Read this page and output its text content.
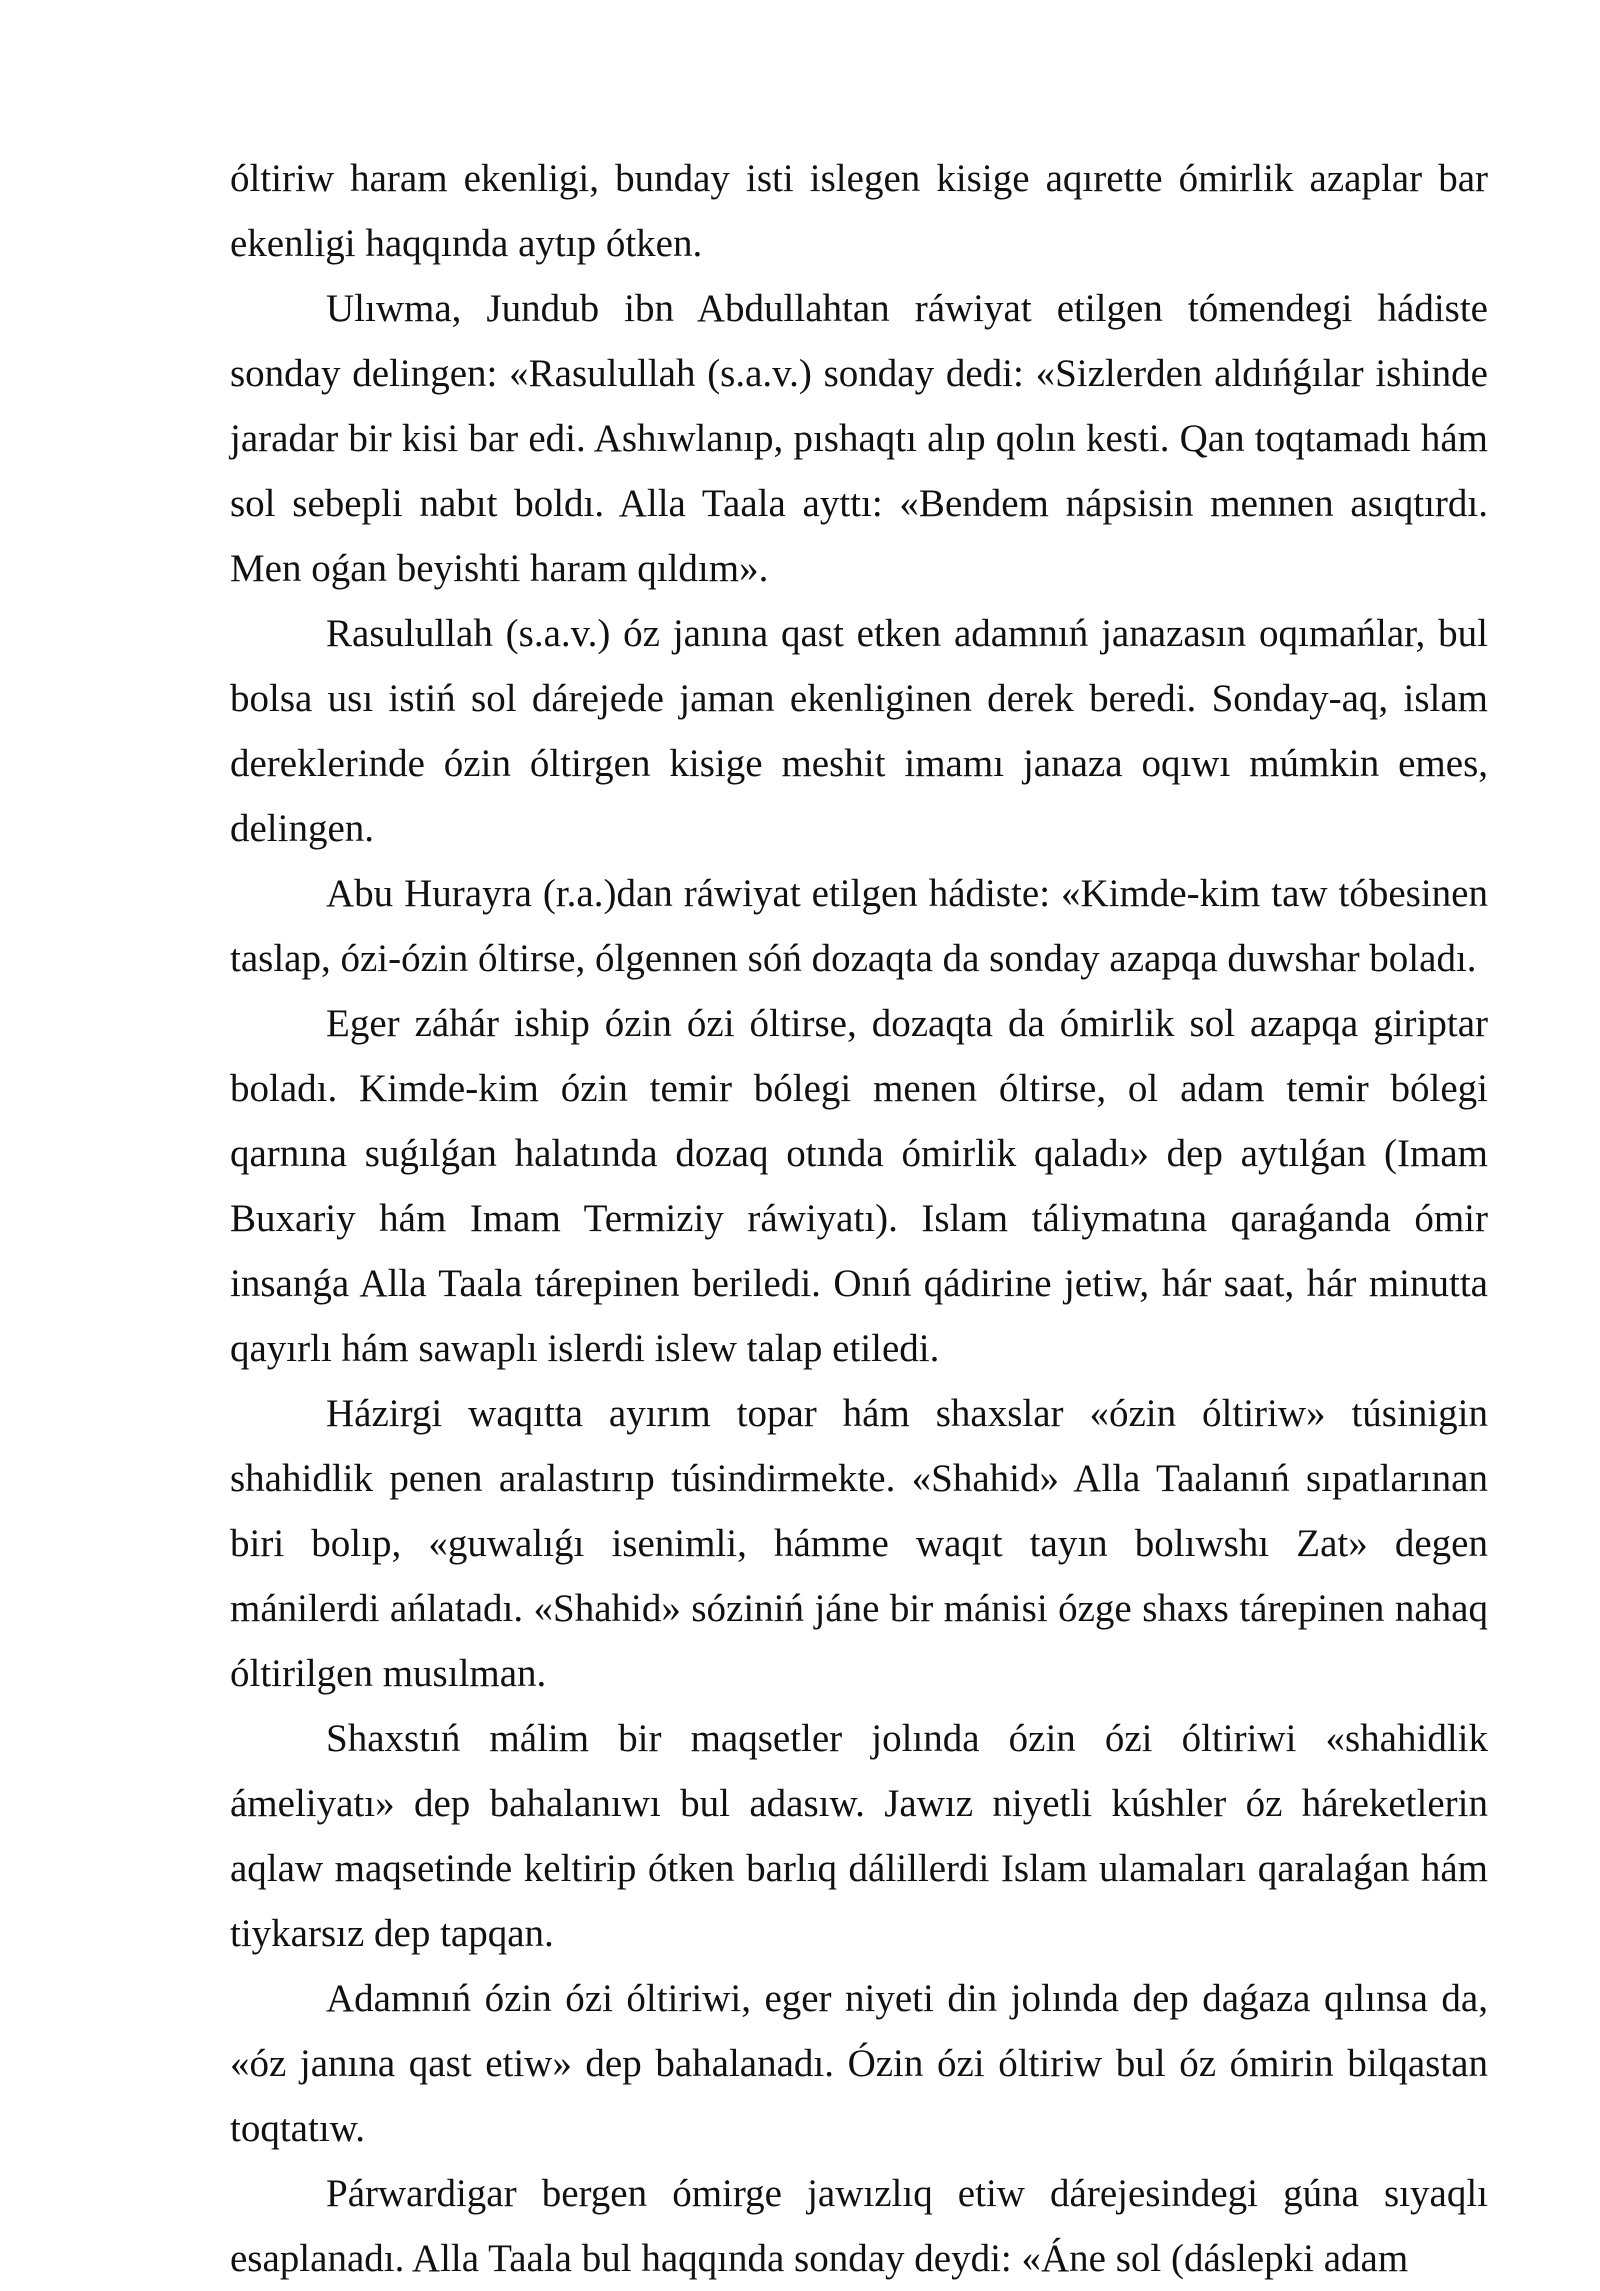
óltiriw haram ekenligi, bunday isti islegen kisige aqırette ómirlik azaplar bar ekenligi haqqında aytıp ótken.

Ulıwma, Jundub ibn Abdullahtan ráwiyat etilgen tómendegi hádiste sonday delingen: «Rasulullah (s.a.v.) sonday dedi: «Sizlerden aldıńǵılar ishinde jaradar bir kisi bar edi. Ashıwlanıp, pıshaqtı alıp qolın kesti. Qan toqtamadı hám sol sebepli nabıt boldı. Alla Taala ayttı: «Bendem nápsisin mennen asıqtırdı. Men oǵan beyishti haram qıldım».

Rasulullah (s.a.v.) óz janına qast etken adamnıń janazasın oqımańlar, bul bolsa usı istiń sol dárejede jaman ekenliginen derek beredi. Sonday-aq, islam dereklerinde ózin óltirgen kisige meshit imamı janaza oqıwı múmkin emes, delingen.

Abu Hurayra (r.a.)dan ráwiyat etilgen hádiste: «Kimde-kim taw tóbesinen taslap, ózi-ózin óltirse, ólgennen sóń dozaqta da sonday azapqa duwshar boladı.

Eger záhár iship ózin ózi óltirse, dozaqta da ómirlik sol azapqa giriptar boladı. Kimde-kim ózin temir bólegi menen óltirse, ol adam temir bólegi qarnına suǵılǵan halatında dozaq otında ómirlik qaladı» dep aytılǵan (Imam Buxariy hám Imam Termiziy ráwiyatı). Islam táliymatına qaraǵanda ómir insanǵa Alla Taala tárepinen beriledi. Onıń qádirine jetiw, hár saat, hár minutta qayırlı hám sawaplı islerdi islew talap etiledi.

Házirgi waqıtta ayırım topar hám shaxslar «ózin óltiriw» túsinigin shahidlik penen aralastırıp túsindirmekte. «Shahid» Alla Taalanıń sıpatlarınan biri bolıp, «guwalıǵı isenimli, hámme waqıt tayın bolıwshı Zat» degen mánilerdi ańlatadı. «Shahid» sóziniń jáne bir mánisi ózge shaxs tárepinen nahaq óltirilgen musılman.

Shaxstıń málim bir maqsetler jolında ózin ózi óltiriwi «shahidlik ámeliyatı» dep bahalanıwı bul adasıw. Jawız niyetli kúshler óz háreketlerin aqlaw maqsetinde keltirip ótken barlıq dálillerdi Islam ulamaları qaralaǵan hám tiykarsız dep tapqan.

Adamnıń ózin ózi óltiriwi, eger niyeti din jolında dep daǵaza qılınsa da, «óz janına qast etiw» dep bahalanadı. Ózin ózi óltiriw bul óz ómirin bilqastan toqtatıw.

Párwardigar bergen ómirge jawızlıq etiw dárejesindegi gúna sıyaqlı esaplanadı. Alla Taala bul haqqında sonday deydi: «Áne sol (dáslepki adam
